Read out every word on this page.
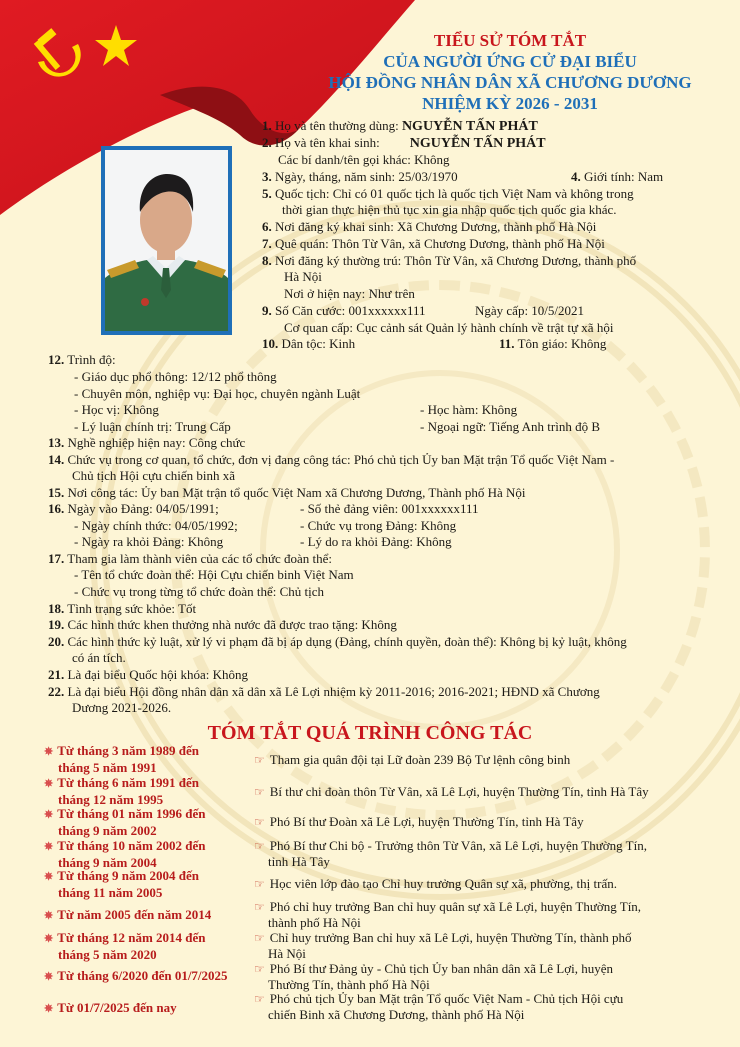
TIỂU SỬ TÓM TẮT
CỦA NGƯỜI ỨNG CỬ ĐẠI BIỂU
HỘI ĐỒNG NHÂN DÂN XÃ CHƯƠNG DƯƠNG
NHIỆM KỲ 2026 - 2031
1. Họ và tên thường dùng: NGUYỄN TẤN PHÁT
2. Họ và tên khai sinh: NGUYỄN TẤN PHÁT
Các bí danh/tên gọi khác: Không
3. Ngày, tháng, năm sinh: 25/03/1970	4. Giới tính: Nam
5. Quốc tịch: Chỉ có 01 quốc tịch là quốc tịch Việt Nam và không trong
thời gian thực hiện thủ tục xin gia nhập quốc tịch quốc gia khác.
6. Nơi đăng ký khai sinh: Xã Chương Dương, thành phố Hà Nội
7. Quê quán: Thôn Từ Vân, xã Chương Dương, thành phố Hà Nội
8. Nơi đăng ký thường trú: Thôn Từ Vân, xã Chương Dương, thành phố
Hà Nội
Nơi ở hiện nay: Như trên
9. Số Căn cước: 001xxxxxx111	Ngày cấp: 10/5/2021
Cơ quan cấp: Cục cảnh sát Quản lý hành chính về trật tự xã hội
10. Dân tộc: Kinh	11. Tôn giáo: Không
12. Trình độ:
- Giáo dục phổ thông: 12/12 phổ thông
- Chuyên môn, nghiệp vụ: Đại học, chuyên ngành Luật
- Học vị: Không	- Học hàm: Không
- Lý luận chính trị: Trung Cấp	- Ngoại ngữ: Tiếng Anh trình độ B
13. Nghề nghiệp hiện nay: Công chức
14. Chức vụ trong cơ quan, tổ chức, đơn vị đang công tác: Phó chủ tịch Ủy ban Mặt trận Tổ quốc Việt Nam -
Chủ tịch Hội cựu chiến binh xã
15. Nơi công tác: Ủy ban Mặt trận tổ quốc Việt Nam xã Chương Dương, Thành phố Hà Nội
16. Ngày vào Đảng: 04/05/1991;	- Số thẻ đảng viên: 001xxxxxx111
- Ngày chính thức: 04/05/1992;	- Chức vụ trong Đảng: Không
- Ngày ra khỏi Đảng: Không	- Lý do ra khỏi Đảng: Không
17. Tham gia làm thành viên của các tổ chức đoàn thể:
- Tên tổ chức đoàn thể: Hội Cựu chiến binh Việt Nam
- Chức vụ trong từng tổ chức đoàn thể: Chủ tịch
18. Tình trạng sức khỏe: Tốt
19. Các hình thức khen thưởng nhà nước đã được trao tặng: Không
20. Các hình thức kỷ luật, xử lý vi phạm đã bị áp dụng (Đảng, chính quyền, đoàn thể): Không bị kỷ luật, không
có án tích.
21. Là đại biểu Quốc hội khóa: Không
22. Là đại biểu Hội đồng nhân dân xã dân xã Lê Lợi nhiệm kỳ 2011-2016; 2016-2021; HĐND xã Chương
Dương 2021-2026.
TÓM TẮT QUÁ TRÌNH CÔNG TÁC
✵ Từ tháng 3 năm 1989 đến
tháng 5 năm 1991	☞ Tham gia quân đội tại Lữ đoàn 239 Bộ Tư lệnh công binh
✵ Từ tháng 6 năm 1991 đến
tháng 12 năm 1995	☞ Bí thư chi đoàn thôn Từ Vân, xã Lê Lợi, huyện Thường Tín, tỉnh Hà Tây
✵ Từ tháng 01 năm 1996 đến
tháng 9 năm 2002
☞ Phó Bí thư Đoàn xã Lê Lợi, huyện Thường Tín, tỉnh Hà Tây
✵ Từ tháng 10 năm 2002 đến
tháng 9 năm 2004
☞ Phó Bí thư Chi bộ - Trưởng thôn Từ Vân, xã Lê Lợi, huyện Thường Tín,
tỉnh Hà Tây
✵ Từ tháng 9 năm 2004 đến
tháng 11 năm 2005
☞ Học viên lớp đào tạo Chỉ huy trưởng Quân sự xã, phường, thị trấn.
✵ Từ năm 2005 đến năm 2014	☞ Phó chỉ huy trưởng Ban chỉ huy quân sự xã Lê Lợi, huyện Thường Tín,
thành phố Hà Nội
✵ Từ tháng 12 năm 2014 đến
tháng 5 năm 2020
☞ Chỉ huy trưởng Ban chỉ huy xã Lê Lợi, huyện Thường Tín, thành phố
Hà Nội
✵ Từ tháng 6/2020 đến 01/7/2025 ☞ Phó Bí thư Đảng ủy - Chủ tịch Ủy ban nhân dân xã Lê Lợi, huyện
Thường Tín, thành phố Hà Nội
✵ Từ 01/7/2025 đến nay
☞ Phó chủ tịch Ủy ban Mặt trận Tổ quốc Việt Nam - Chủ tịch Hội cựu
chiến Binh xã Chương Dương, thành phố Hà Nội
